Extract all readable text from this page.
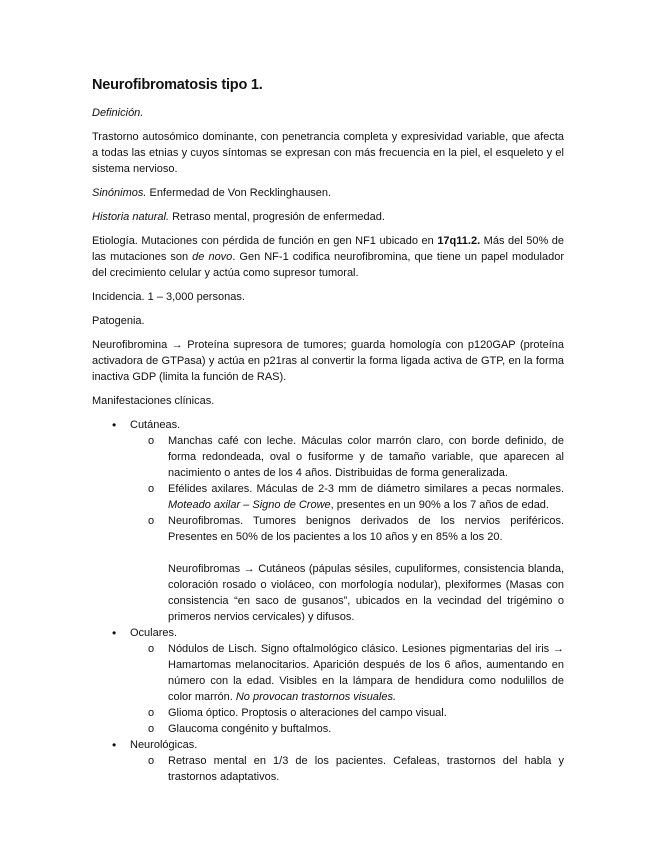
Neurofibromatosis tipo 1.

Definición.

Trastorno autosómico dominante, con penetrancia completa y expresividad variable, que afecta a todas las etnias y cuyos síntomas se expresan con más frecuencia en la piel, el esqueleto y el sistema nervioso.

Sinónimos. Enfermedad de Von Recklinghausen.

Historia natural. Retraso mental, progresión de enfermedad.

Etiología. Mutaciones con pérdida de función en gen NF1 ubicado en 17q11.2. Más del 50% de las mutaciones son de novo. Gen NF-1 codifica neurofibromina, que tiene un papel modulador del crecimiento celular y actúa como supresor tumoral.

Incidencia. 1 – 3,000 personas.

Patogenia.

Neurofibromina → Proteína supresora de tumores; guarda homología con p120GAP (proteína activadora de GTPasa) y actúa en p21ras al convertir la forma ligada activa de GTP, en la forma inactiva GDP (limita la función de RAS).

Manifestaciones clínicas.

• Cutáneas.
o Manchas café con leche. Máculas color marrón claro, con borde definido, de forma redondeada, oval o fusiforme y de tamaño variable, que aparecen al nacimiento o antes de los 4 años. Distribuidas de forma generalizada.
o Efélides axilares. Máculas de 2-3 mm de diámetro similares a pecas normales. Moteado axilar – Signo de Crowe, presentes en un 90% a los 7 años de edad.
o Neurofibromas. Tumores benignos derivados de los nervios periféricos. Presentes en 50% de los pacientes a los 10 años y en 85% a los 20.
Neurofibromas → Cutáneos (pápulas sésiles, cupuliformes, consistencia blanda, coloración rosado o violáceo, con morfología nodular), plexiformes (Masas con consistencia “en saco de gusanos”, ubicados en la vecindad del trigémino o primeros nervios cervicales) y difusos.
• Oculares.
o Nódulos de Lisch. Signo oftalmológico clásico. Lesiones pigmentarias del iris → Hamartomas melanocitarios. Aparición después de los 6 años, aumentando en número con la edad. Visibles en la lámpara de hendidura como nodulillos de color marrón. No provocan trastornos visuales.
o Glioma óptico. Proptosis o alteraciones del campo visual.
o Glaucoma congénito y buftalmos.
• Neurológicas.
o Retraso mental en 1/3 de los pacientes. Cefaleas, trastornos del habla y trastornos adaptativos.
